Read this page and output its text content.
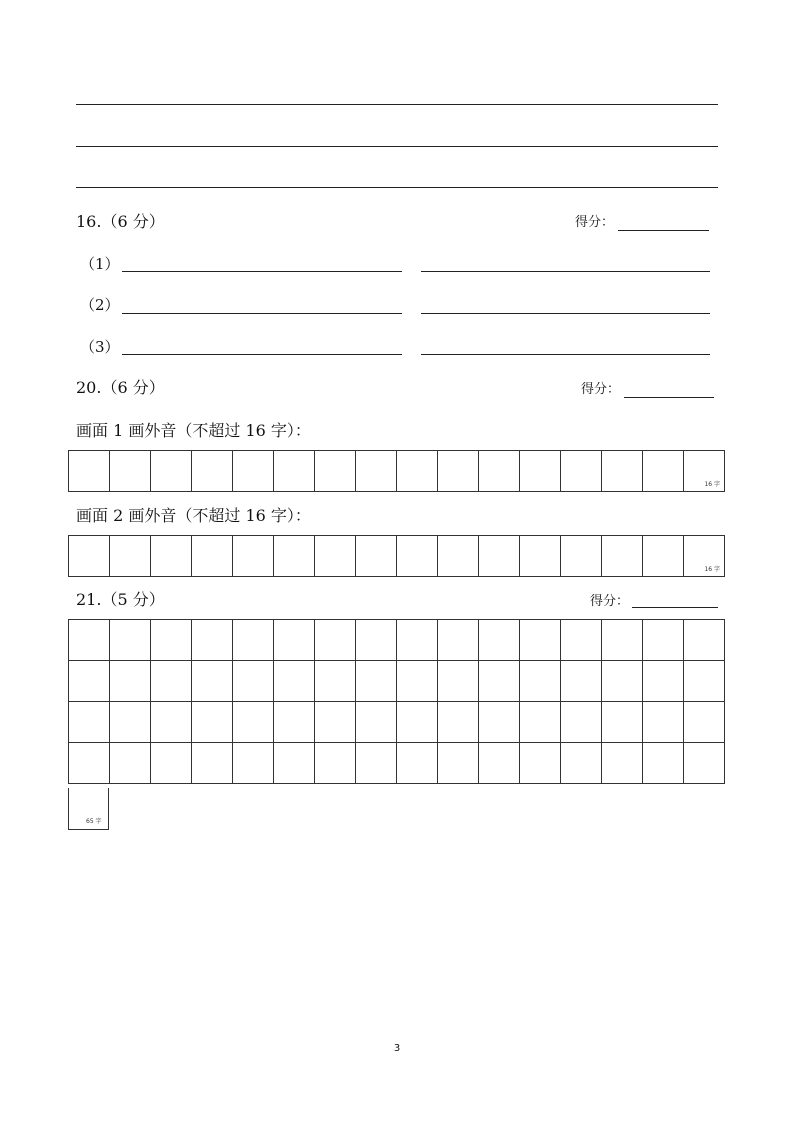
16.（6 分）	得分：
（1）
（2）
（3）
20.（6 分）	得分：
画面 1 画外音（不超过 16 字）：
16 字
画面 2 画外音（不超过 16 字）：
16 字
21.（5 分）	得分：
65 字
3
